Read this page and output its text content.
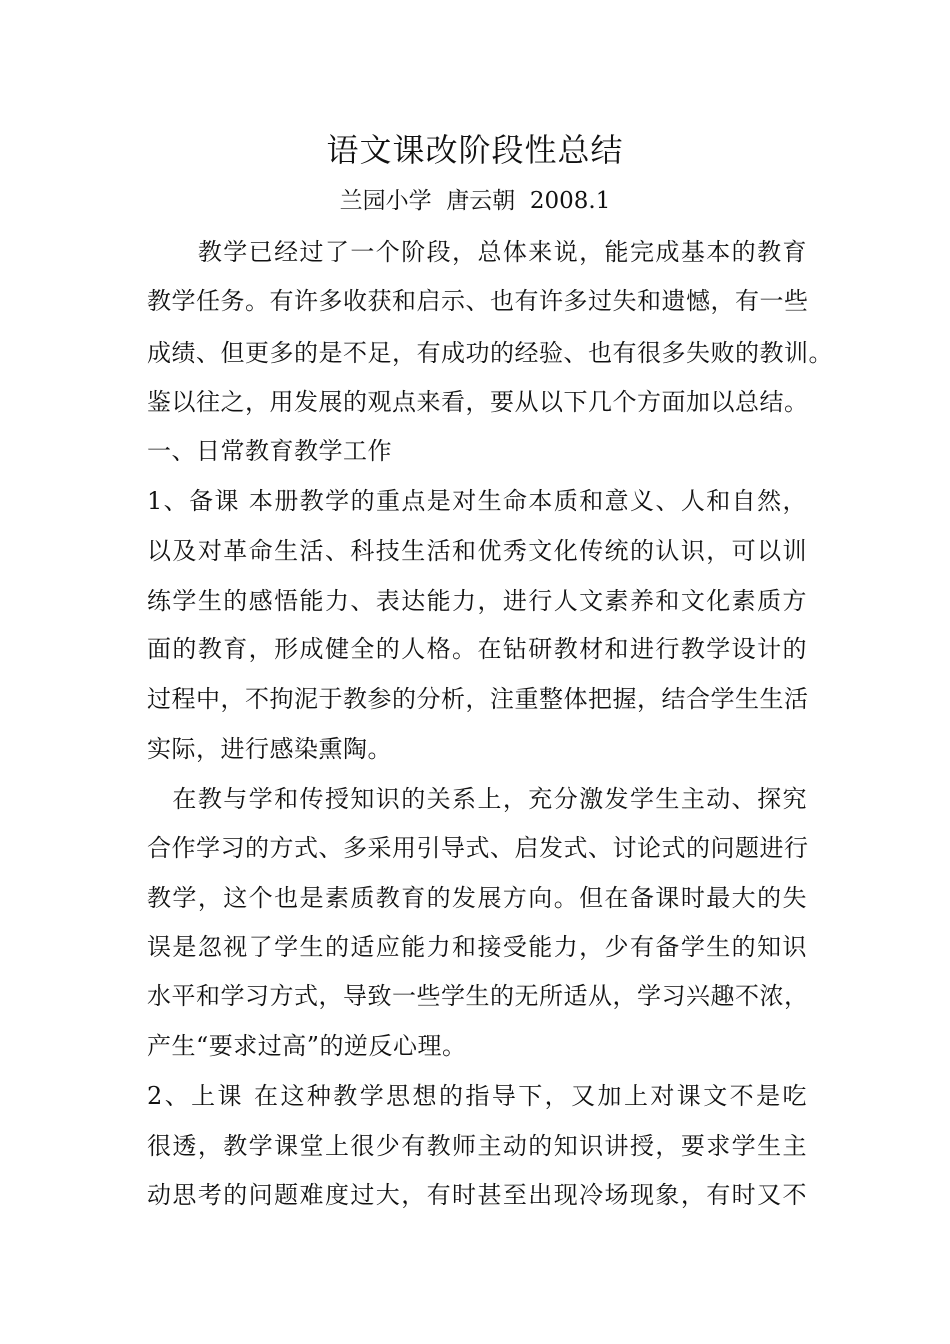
语文课改阶段性总结
兰园小学  唐云朝  2008.1
　　教学已经过了一个阶段，总体来说，能完成基本的教育
教学任务。有许多收获和启示、也有许多过失和遗憾，有一些
成绩、但更多的是不足，有成功的经验、也有很多失败的教训。
鉴以往之，用发展的观点来看，要从以下几个方面加以总结。
一、日常教育教学工作
1、备课 本册教学的重点是对生命本质和意义、人和自然，
以及对革命生活、科技生活和优秀文化传统的认识，可以训
练学生的感悟能力、表达能力，进行人文素养和文化素质方
面的教育，形成健全的人格。在钻研教材和进行教学设计的
过程中，不拘泥于教参的分析，注重整体把握，结合学生生活
实际，进行感染熏陶。
　在教与学和传授知识的关系上，充分激发学生主动、探究
合作学习的方式、多采用引导式、启发式、讨论式的问题进行
教学，这个也是素质教育的发展方向。但在备课时最大的失
误是忽视了学生的适应能力和接受能力，少有备学生的知识
水平和学习方式，导致一些学生的无所适从，学习兴趣不浓，
产生“要求过高”的逆反心理。
2、上课 在这种教学思想的指导下，又加上对课文不是吃
很透，教学课堂上很少有教师主动的知识讲授，要求学生主
动思考的问题难度过大，有时甚至出现冷场现象，有时又不
